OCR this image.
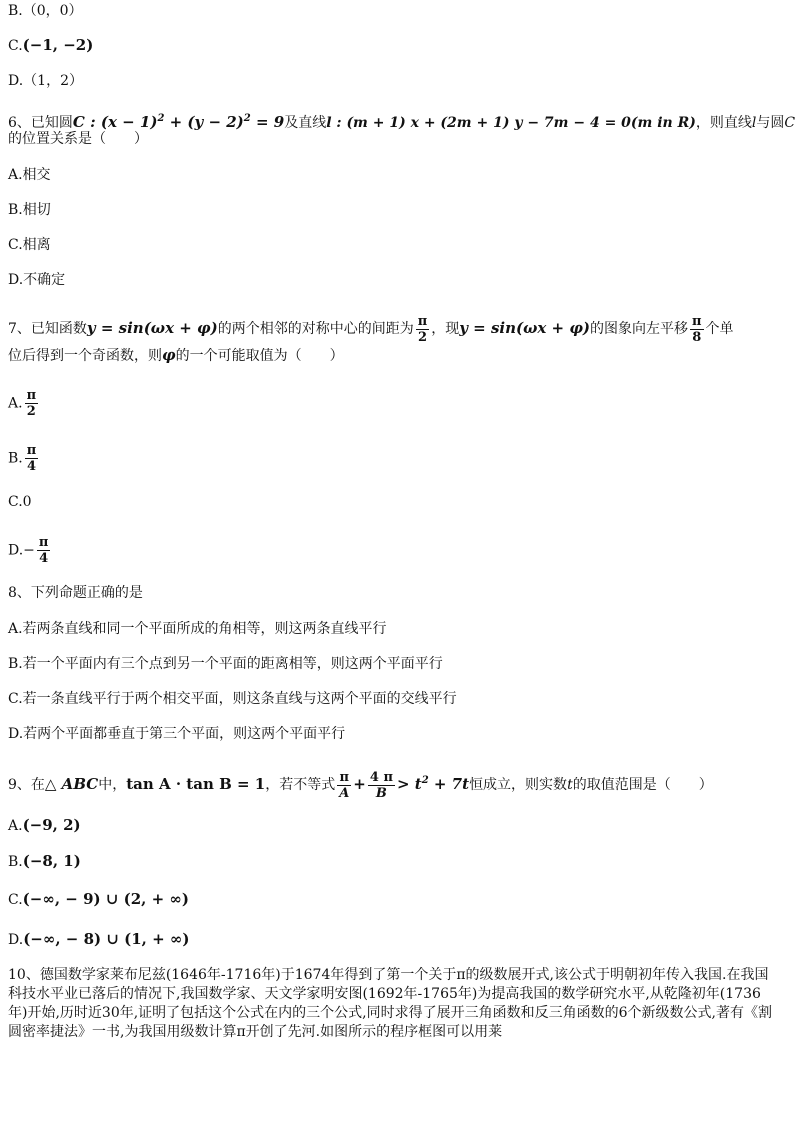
B.（0，0）
C.(−1, −2)
D.（1，2）
6、已知圆C : $(x - 1)^2 + (y - 2)^2 = 9$及直线l : (m + 1) x + (2m + 1) y − 7m − 4 = 0(m in R)，则直线l与圆C
的位置关系是（　　）
A.相交
B.相切
C.相离
D.不确定
7、已知函数y = sin(ωx + φ)的两个相邻的对称中心的间距为 $\frac{\pi}{2}$ ，现y = sin(ωx + φ)的图象向左平移 $\frac{\pi}{8}$ 个单
位后得到一个奇函数，则φ的一个可能取值为（　　）
A. $\frac{\pi}{2}$
B. $\frac{\pi}{4}$
C.0
$D.- \frac{\pi}{4}$
8、下列命题正确的是
A.若两条直线和同一个平面所成的角相等，则这两条直线平行
B.若一个平面内有三个点到另一个平面的距离相等，则这两个平面平行
C.若一条直线平行于两个相交平面，则这条直线与这两个平面的交线平行
D.若两个平面都垂直于第三个平面，则这两个平面平行
9、在△ ABC中，tan A · tan B = 1，若不等式 $\frac{\pi}{A} + \frac{4 \pi}{B} > t^2 + 7t$恒成立，则实数t的取值范围是（　　）
A.(−9, 2)
B.(−8, 1)
C.(−∞, − 9) ∪ (2, + ∞)
D.(−∞, − 8) ∪ (1, + ∞)
10、德国数学家莱布尼兹(1646年-1716年)于1674年得到了第一个关于π的级数展开式,该公式于明朝初年传入我国.在我国科技水平业已落后的情况下,我国数学家、天文学家明安图(1692年-1765年)为提高我国的数学研究水平,从乾隆初年(1736年)开始,历时近30年,证明了包括这个公式在内的三个公式,同时求得了展开三角函数和反三角函数的6个新级数公式,著有《割圆密率捷法》一书,为我国用级数计算π开创了先河.如图所示的程序框图可以用莱
